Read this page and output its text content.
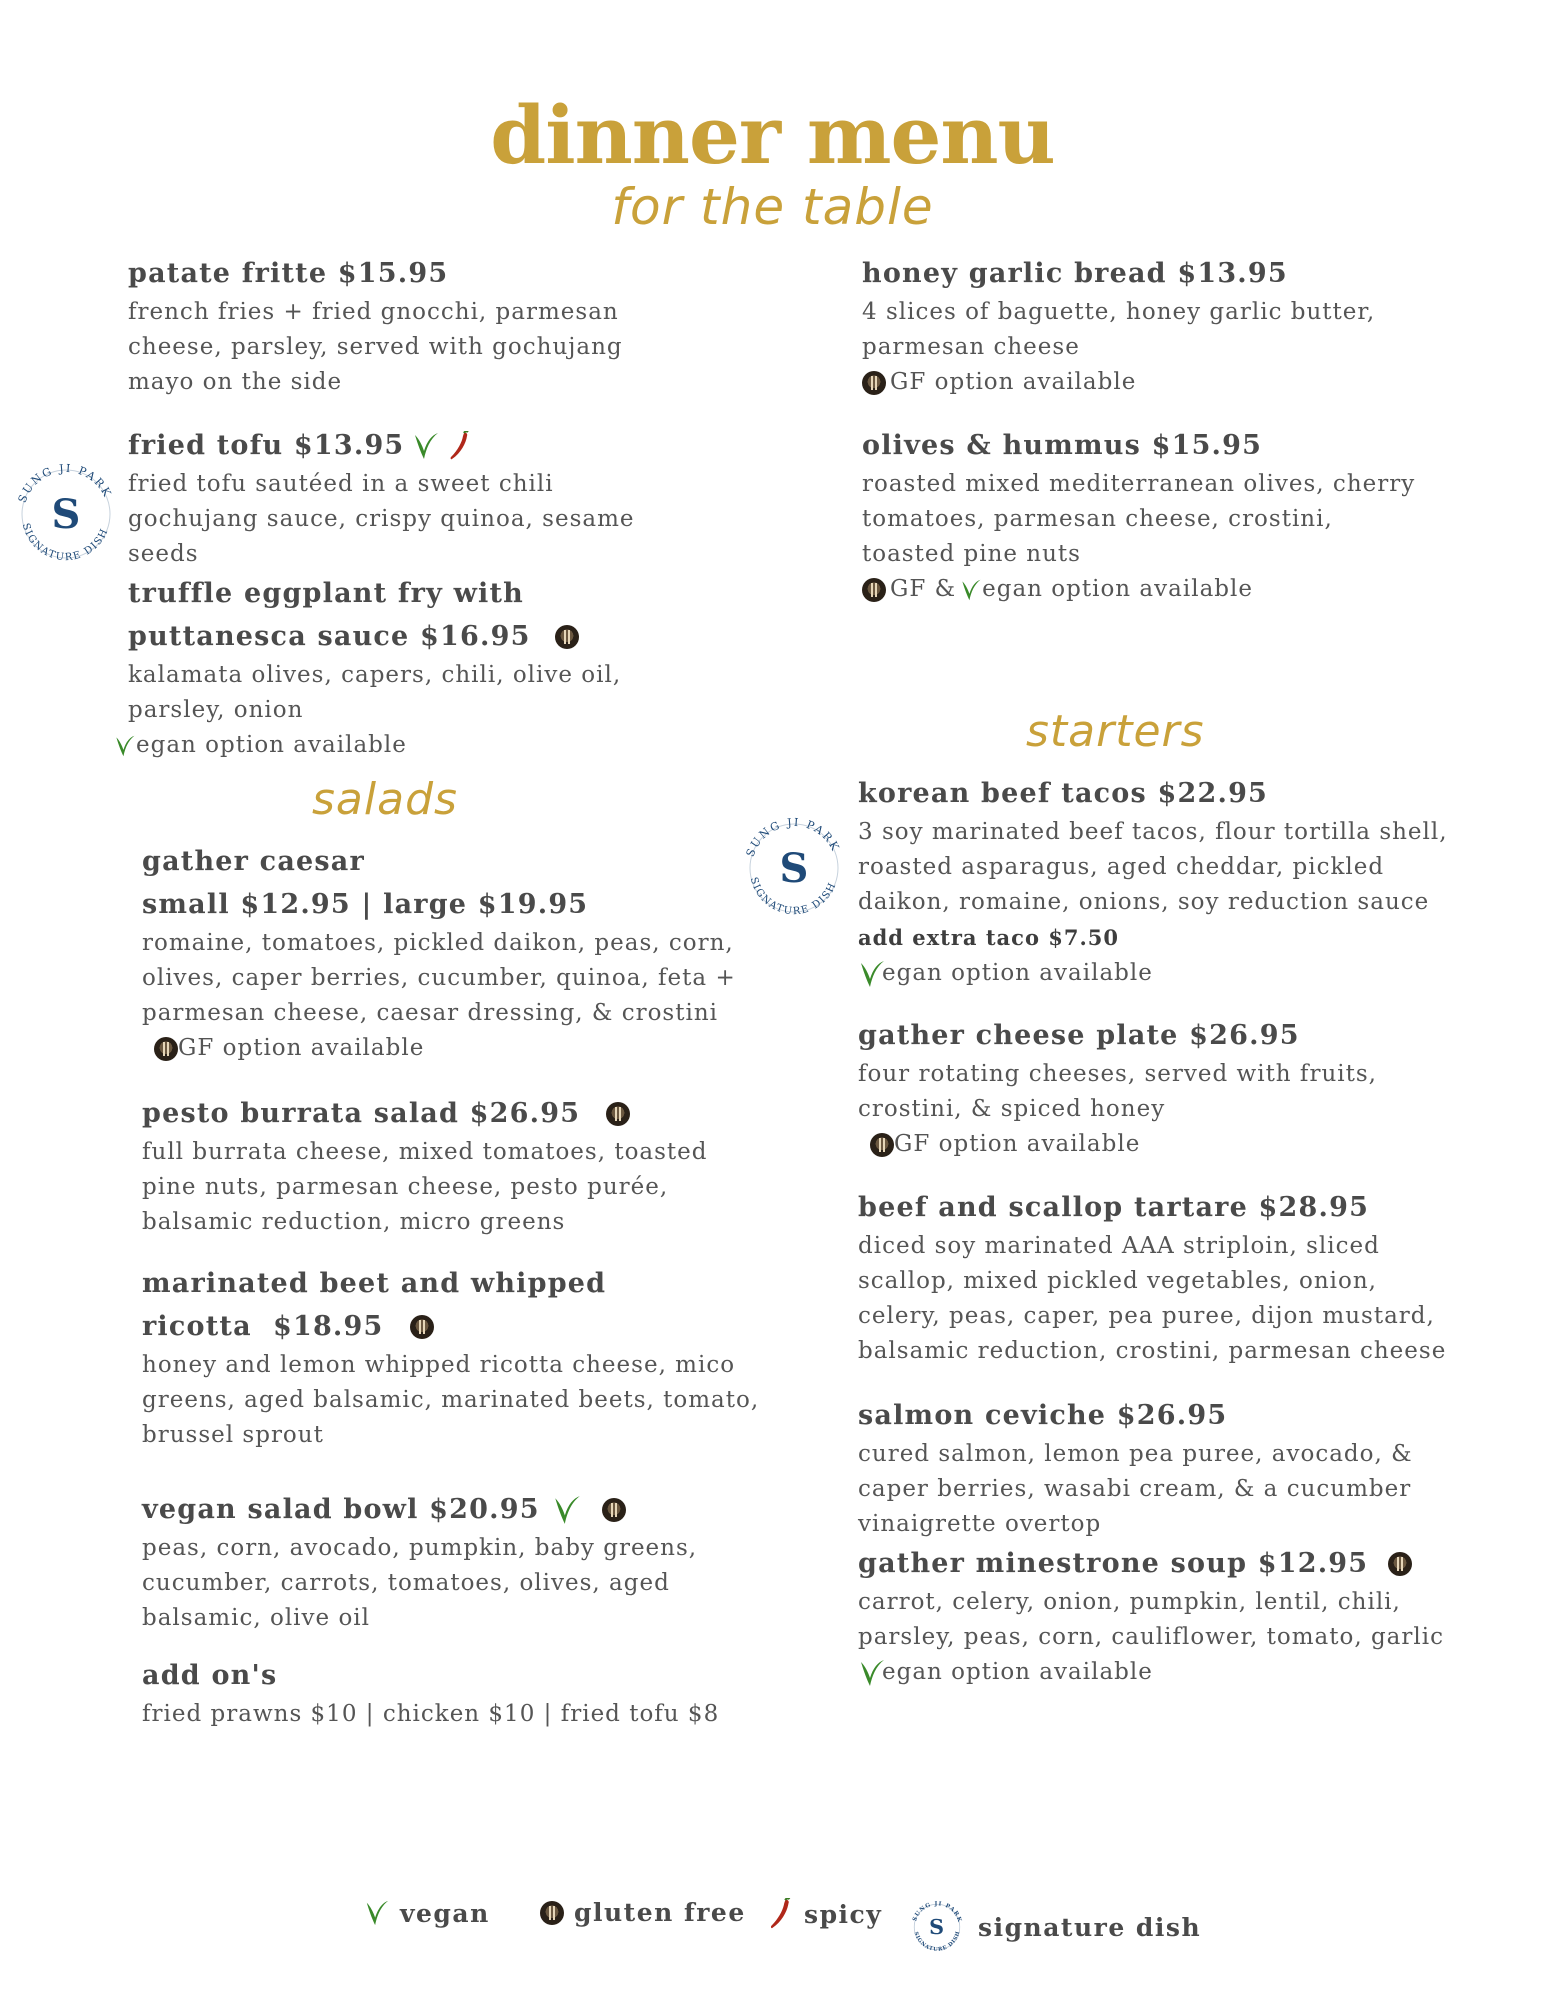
dinner menu
for the table
patate fritte $15.95
french fries + fried gnocchi, parmesan
cheese, parsley, served with gochujang
mayo on the side
fried tofu $13.95
fried tofu sautéed in a sweet chili
gochujang sauce, crispy quinoa, sesame
seeds
SUNG JI PARK
SIGNATURE DISH
S
truffle eggplant fry with
puttanesca sauce $16.95
kalamata olives, capers, chili, olive oil,
parsley, onion
egan option available
honey garlic bread $13.95
4 slices of baguette, honey garlic butter,
parmesan cheese
GF option available
olives & hummus $15.95
roasted mixed mediterranean olives, cherry
tomatoes, parmesan cheese, crostini,
toasted pine nuts
GF & egan option available
salads
gather caesar
small $12.95 | large $19.95
romaine, tomatoes, pickled daikon, peas, corn,
olives, caper berries, cucumber, quinoa, feta +
parmesan cheese, caesar dressing, & crostini
GF option available
pesto burrata salad $26.95
full burrata cheese, mixed tomatoes, toasted
pine nuts, parmesan cheese, pesto purée,
balsamic reduction, micro greens
marinated beet and whipped
ricotta  $18.95
honey and lemon whipped ricotta cheese, mico
greens, aged balsamic, marinated beets, tomato,
brussel sprout
vegan salad bowl $20.95
peas, corn, avocado, pumpkin, baby greens,
cucumber, carrots, tomatoes, olives, aged
balsamic, olive oil
add on's
fried prawns $10 | chicken $10 | fried tofu $8
starters
SUNG JI PARK
SIGNATURE DISH
S
korean beef tacos $22.95
3 soy marinated beef tacos, flour tortilla shell,
roasted asparagus, aged cheddar, pickled
daikon, romaine, onions, soy reduction sauce
add extra taco $7.50
egan option available
gather cheese plate $26.95
four rotating cheeses, served with fruits,
crostini, & spiced honey
GF option available
beef and scallop tartare $28.95
diced soy marinated AAA striploin, sliced
scallop, mixed pickled vegetables, onion,
celery, peas, caper, pea puree, dijon mustard,
balsamic reduction, crostini, parmesan cheese
salmon ceviche $26.95
cured salmon, lemon pea puree, avocado, &
caper berries, wasabi cream, & a cucumber
vinaigrette overtop
gather minestrone soup $12.95
carrot, celery, onion, pumpkin, lentil, chili,
parsley, peas, corn, cauliflower, tomato, garlic
egan option available
vegan	gluten free spicy	SUNG JI PARK
SIGNATURE DISH
S signature dish
